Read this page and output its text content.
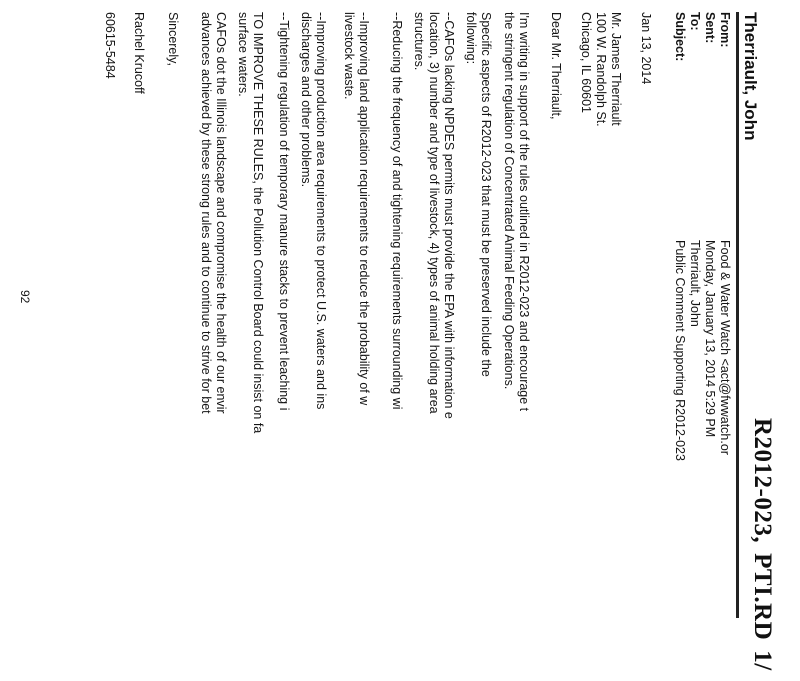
R2012-023,PTI.RD1/
Therriault, John
From:
Sent:
To:
Subject:
Food & Water Watch <act@fwwatch.or
Monday, January 13, 2014 5:29 PM
Therriault, John
Public Comment Supporting R2012-023
Jan 13, 2014
Mr. James Therriault
100 W. Randolph St.
Chicago, IL 60601
Dear Mr. Therriault,
I'm writing in support of the rules outlined in R2012-023 and encourage t
the stringent regulation of Concentrated Animal Feeding Operations.
Specific aspects of R2012-023 that must be preserved include the
following:
--CAFOs lacking NPDES permits must provide the EPA with information e
location, 3) number and type of livestock, 4) types of animal holding area
structures.
--Reducing the frequency of and tightening requirements surrounding wi
--Improving land application requirements to reduce the probability of w
livestock waste.
--Improving production area requirements to protect U.S. waters and ins
discharges and other problems.
--Tightening regulation of temporary manure stacks to prevent leaching i
TO IMPROVE THESE RULES, the Pollution Control Board could insist on fa
surface waters.
CAFOs dot the Illinois landscape and compromise the health of our envir
advances achieved by these strong rules and to continue to strive for bet
Sincerely,
Rachel Krucoff
60615-5484
92
